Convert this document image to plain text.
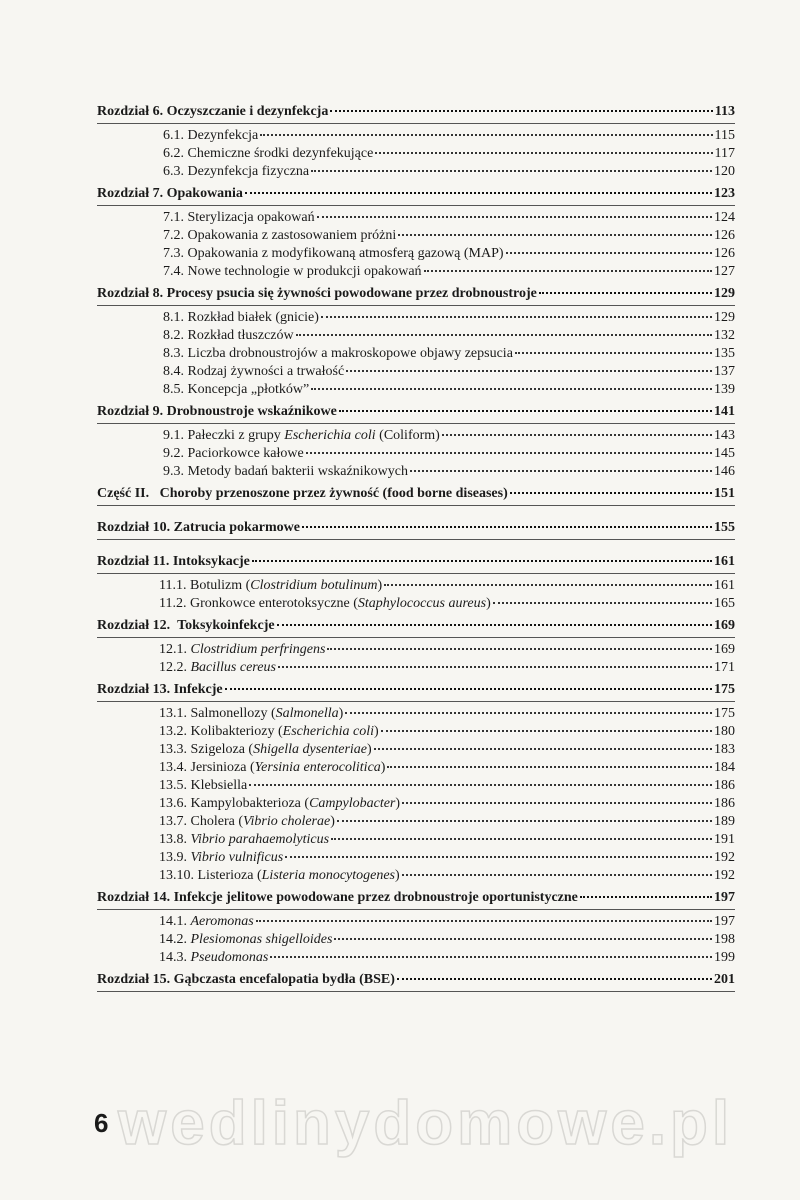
Rozdział 6. Oczyszczanie i dezynfekcja	113
6.1. Dezynfekcja	115
6.2. Chemiczne środki dezynfekujące	117
6.3. Dezynfekcja fizyczna	120
Rozdział 7. Opakowania	123
7.1. Sterylizacja opakowań	124
7.2. Opakowania z zastosowaniem próżni	126
7.3. Opakowania z modyfikowaną atmosferą gazową (MAP)	126
7.4. Nowe technologie w produkcji opakowań	127
Rozdział 8. Procesy psucia się żywności powodowane przez drobnoustroje	129
8.1. Rozkład białek (gnicie)	129
8.2. Rozkład tłuszczów	132
8.3. Liczba drobnoustrojów a makroskopowe objawy zepsucia	135
8.4. Rodzaj żywności a trwałość	137
8.5. Koncepcja „płotków”	139
Rozdział 9. Drobnoustroje wskaźnikowe	141
9.1. Pałeczki z grupy Escherichia coli (Coliform)	143
9.2. Paciorkowce kałowe	145
9.3. Metody badań bakterii wskaźnikowych	146
Część II.   Choroby przenoszone przez żywność (food borne diseases)	151
Rozdział 10. Zatrucia pokarmowe	155
Rozdział 11. Intoksykacje	161
11.1. Botulizm (Clostridium botulinum)	161
11.2. Gronkowce enterotoksyczne (Staphylococcus aureus)	165
Rozdział 12.  Toksykoinfekcje	169
12.1. Clostridium perfringens	169
12.2. Bacillus cereus	171
Rozdział 13. Infekcje	175
13.1. Salmonellozy (Salmonella)	175
13.2. Kolibakteriozy (Escherichia coli)	180
13.3. Szigeloza (Shigella dysenteriae)	183
13.4. Jersinioza (Yersinia enterocolitica)	184
13.5. Klebsiella	186
13.6. Kampylobakterioza (Campylobacter)	186
13.7. Cholera (Vibrio cholerae)	189
13.8. Vibrio parahaemolyticus	191
13.9. Vibrio vulnificus	192
13.10. Listerioza (Listeria monocytogenes)	192
Rozdział 14. Infekcje jelitowe powodowane przez drobnoustroje oportunistyczne	197
14.1. Aeromonas	197
14.2. Plesiomonas shigelloides	198
14.3. Pseudomonas	199
Rozdział 15. Gąbczasta encefalopatia bydła (BSE)	201
wedlinydomowe.pl
6
